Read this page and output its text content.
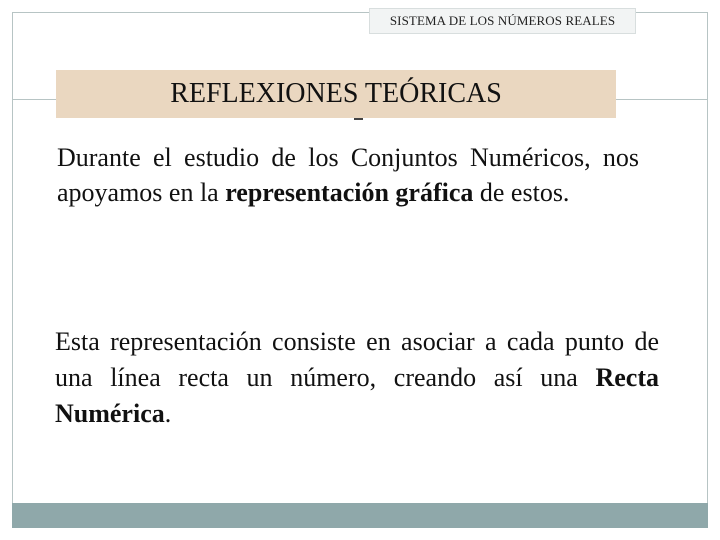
SISTEMA DE LOS NÚMEROS REALES
REFLEXIONES TEÓRICAS
Durante el estudio de los Conjuntos Numéricos, nos apoyamos en la representación gráfica de estos.
Esta representación consiste en asociar a cada punto de una línea recta un número, creando así una Recta Numérica.
